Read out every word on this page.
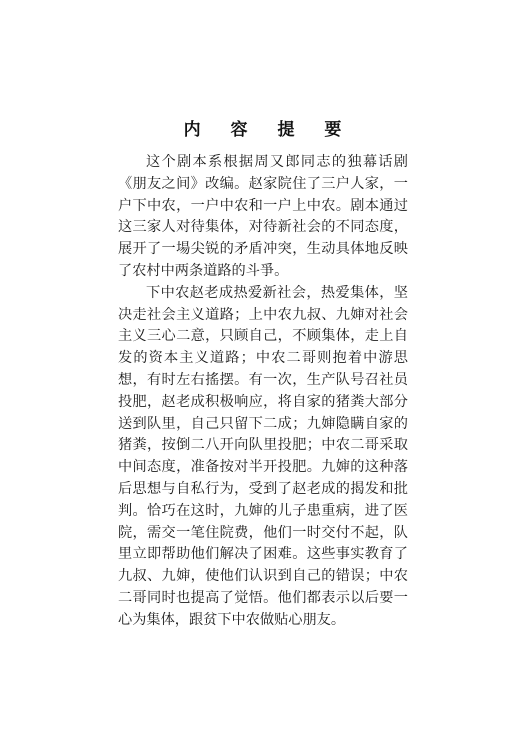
内 容 提 要

这个剧本系根据周又郎同志的独幕话剧《朋友之间》改编。赵家院住了三户人家，一户下中农，一户中农和一户上中农。剧本通过这三家人对待集体，对待新社会的不同态度，展开了一場尖锐的矛盾冲突，生动具体地反映了农村中两条道路的斗爭。

下中农赵老成热爱新社会，热爱集体，坚决走社会主义道路；上中农九叔、九婶对社会主义三心二意，只顾自己，不顾集体，走上自发的资本主义道路；中农二哥则抱着中游思想，有时左右搖摆。有一次，生产队号召社员投肥，赵老成积极响应，将自家的猪粪大部分送到队里，自己只留下二成；九婶隐瞒自家的猪粪，按倒二八开向队里投肥；中农二哥采取中间态度，准备按对半开投肥。九婶的这种落后思想与自私行为，受到了赵老成的揭发和批判。恰巧在这时，九婶的儿子患重病，进了医院，需交一笔住院费，他们一时交付不起，队里立即帮助他们解决了困难。这些事实教育了九叔、九婶，使他们认识到自己的错误；中农二哥同时也提高了觉悟。他们都表示以后要一心为集体，跟贫下中农做贴心朋友。
